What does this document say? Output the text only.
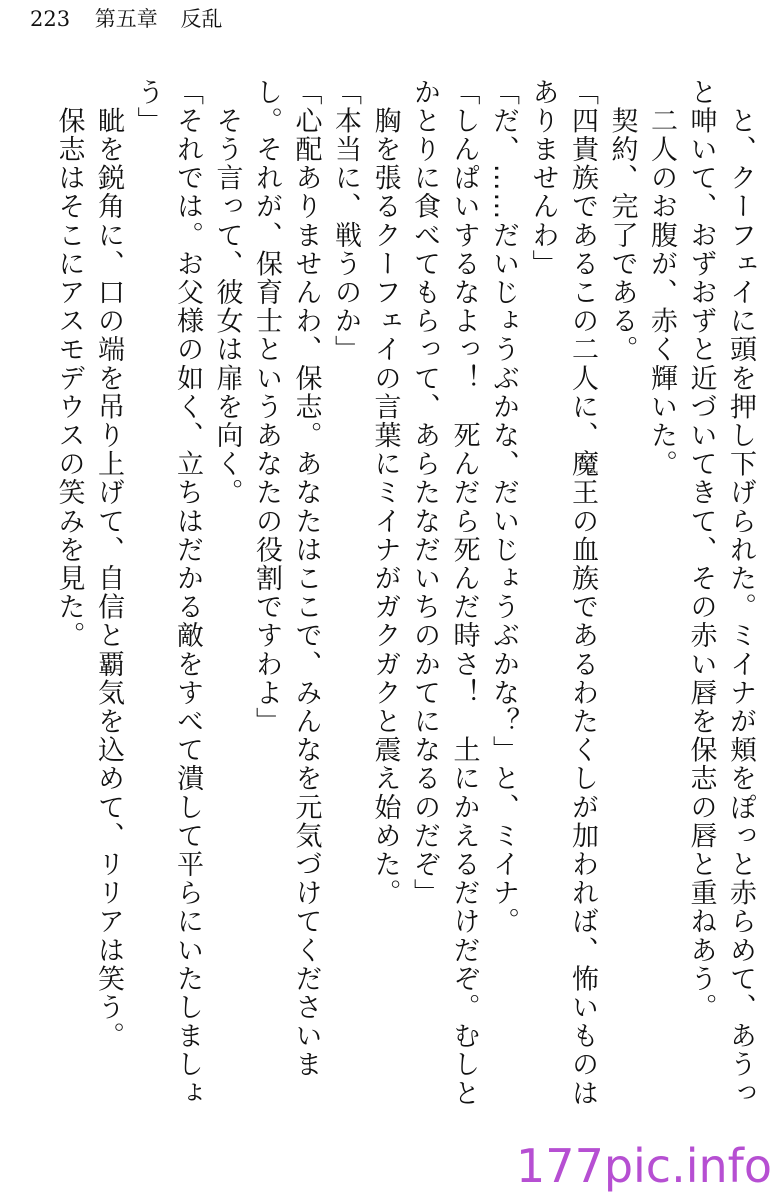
223 第五章 反乱

　と、クーフェイに頭を押し下げられた。ミイナが頬をぽっと赤らめて、あうっと呻いて、おずおずと近づいてきて、その赤い唇を保志の唇と重ねあう。

　二人のお腹が、赤く輝いた。

　契約、完了である。

「四貴族であるこの二人に、魔王の血族であるわたくしが加われば、怖いものはありませんわ」

「だ、……だいじょうぶかな、だいじょうぶかな？」と、ミイナ。

「しんぱいするなよっ！　死んだら死んだ時さ！　土にかえるだけだぞ。むしとかとりに食べてもらって、あらたなだいちのかてになるのだぞ」

　胸を張るクーフェイの言葉にミイナがガクガクと震え始めた。

「本当に、戦うのか」

「心配ありませんわ、保志。あなたはここで、みんなを元気づけてくださいまし。それが、保育士というあなたの役割ですわよ」

　そう言って、彼女は扉を向く。

「それでは。お父様の如く、立ちはだかる敵をすべて潰して平らにいたしましょう」

　眦を鋭角に、口の端を吊り上げて、自信と覇気を込めて、リリアは笑う。

　保志はそこにアスモデウスの笑みを見た。

177pic.info
